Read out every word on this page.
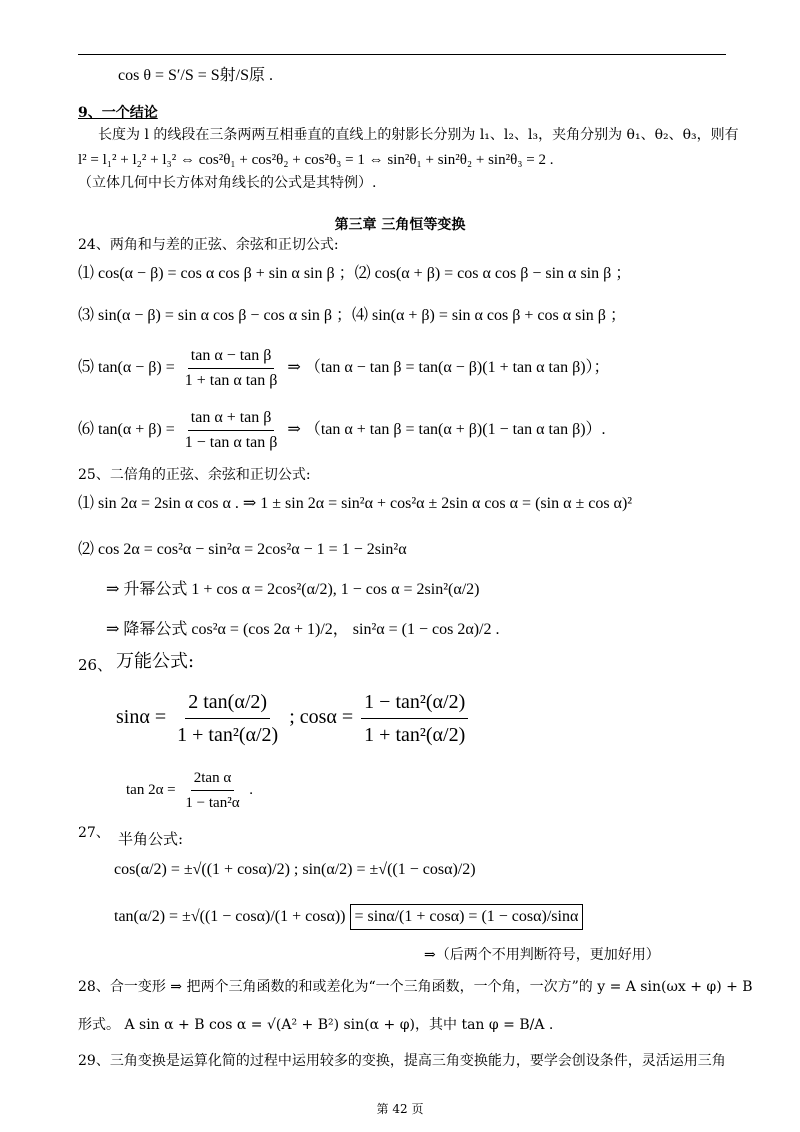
cos θ = S′/S = S射/S原 .
9、一个结论
长度为 l 的线段在三条两两互相垂直的直线上的射影长分别为 l₁、l₂、l₃，夹角分别为 θ₁、θ₂、θ₃，则有
l² = l₁² + l₂² + l₃² ⇔ cos²θ₁ + cos²θ₂ + cos²θ₃ = 1 ⇔ sin²θ₁ + sin²θ₂ + sin²θ₃ = 2 .
（立体几何中长方体对角线长的公式是其特例）.
第三章 三角恒等变换
24、两角和与差的正弦、余弦和正切公式:
⑴ cos(α − β) = cos α cos β + sin α sin β ；⑵ cos(α + β) = cos α cos β − sin α sin β ；
⑶ sin(α − β) = sin α cos β − cos α sin β ；⑷ sin(α + β) = sin α cos β + cos α sin β ；
⑸ $\tan(\alpha - \beta) = \frac{\text{tan α − tan β}}{\text{1 + tan α tan β}}$ ⇒ （tan α − tan β = tan(α − β)(1 + tan α tan β)）；
⑹ $\tan(\alpha + \beta) = \frac{\text{tan α + tan β}}{\text{1 − tan α tan β}}$ ⇒ （tan α + tan β = tan(α + β)(1 − tan α tan β)）.
25、二倍角的正弦、余弦和正切公式:
⑴ sin 2α = 2sin α cos α . ⇒ 1 ± sin 2α = sin²α + cos²α ± 2sin α cos α = (sin α ± cos α)²
⑵ cos 2α = cos²α − sin²α = 2cos²α − 1 = 1 − 2sin²α
⇒ 升幂公式 1 + cos α = 2cos²(α/2), 1 − cos α = 2sin²(α/2)
⇒ 降幂公式 cos²α = (cos 2α + 1)/2， sin²α = (1 − cos 2α)/2 .
26、 万能公式:
$\sin\alpha = \frac{2 \tan(\alpha/2)}{\text{1 + tan²(α/2)}}$ ; $\cos\alpha = \frac{\text{1 − tan²(α/2)}}{\text{1 + tan²(α/2)}}$
$\tan 2\alpha = \frac{\text{2tan α}}{\text{1 − tan²α}}$ .
27、 半角公式:
cos(α/2) = ±√((1 + cosα)/2) ; sin(α/2) = ±√((1 − cosα)/2)
tan(α/2) = ±√((1 − cosα)/(1 + cosα)) = sinα/(1 + cosα) = (1 − cosα)/sinα
⇒（后两个不用判断符号，更加好用）
28、合一变形 ⇒ 把两个三角函数的和或差化为“一个三角函数，一个角，一次方”的 y = A sin(ωx + φ) + B
形式。 A sin α + B cos α = √(A² + B²) sin(α + φ)，其中 tan φ = B/A .
29、三角变换是运算化简的过程中运用较多的变换，提高三角变换能力，要学会创设条件，灵活运用三角
第 42 页
